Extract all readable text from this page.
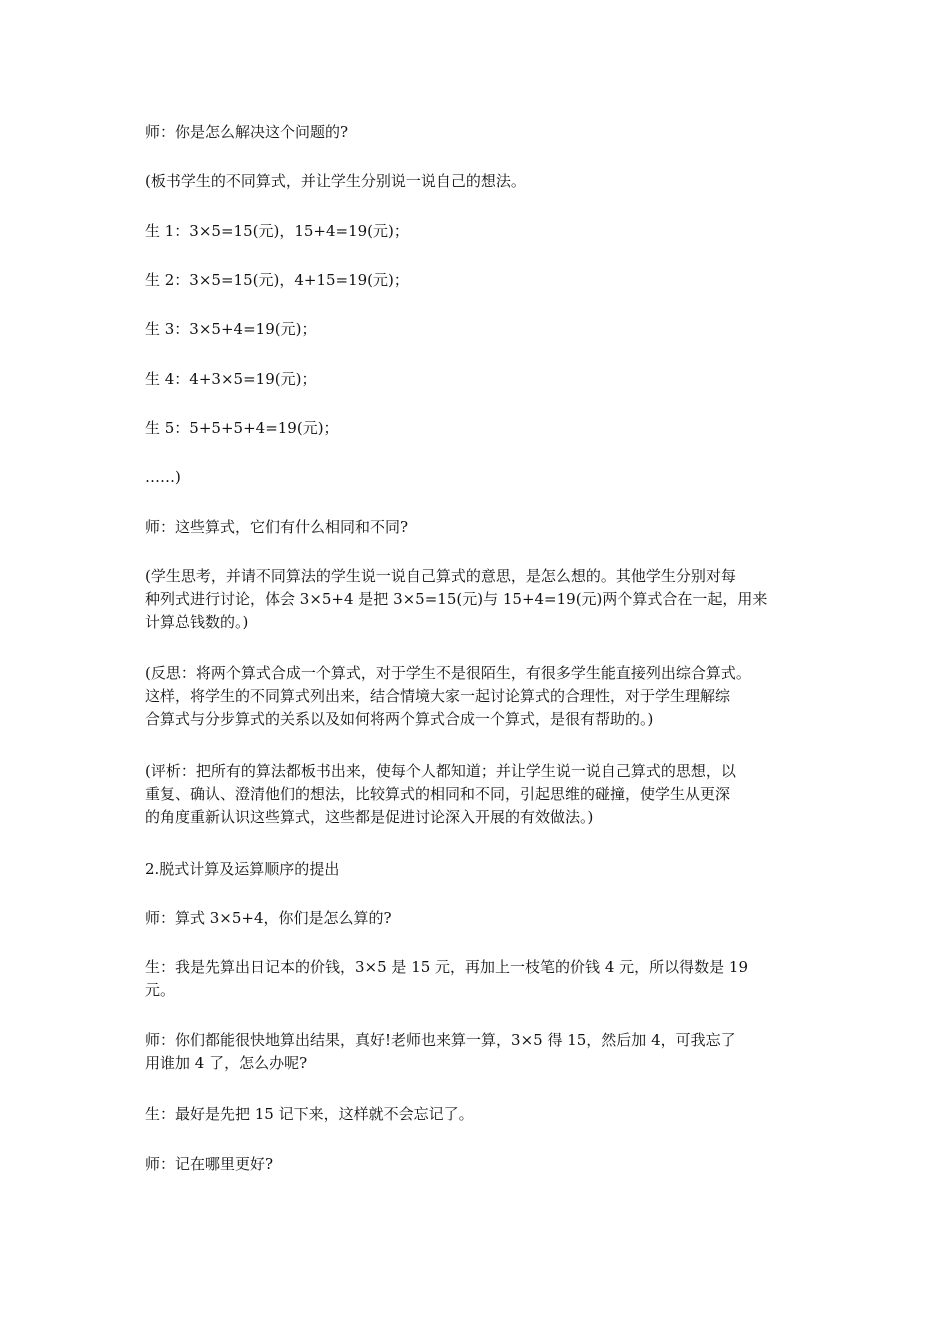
师：你是怎么解决这个问题的?

(板书学生的不同算式，并让学生分别说一说自己的想法。

生 1：3×5=15(元)，15+4=19(元)；

生 2：3×5=15(元)，4+15=19(元)；

生 3：3×5+4=19(元)；

生 4：4+3×5=19(元)；

生 5：5+5+5+4=19(元)；

……)

师：这些算式，它们有什么相同和不同?

(学生思考，并请不同算法的学生说一说自己算式的意思，是怎么想的。其他学生分别对每
种列式进行讨论，体会 3×5+4 是把 3×5=15(元)与 15+4=19(元)两个算式合在一起，用来
计算总钱数的。)

(反思：将两个算式合成一个算式，对于学生不是很陌生，有很多学生能直接列出综合算式。
这样，将学生的不同算式列出来，结合情境大家一起讨论算式的合理性，对于学生理解综
合算式与分步算式的关系以及如何将两个算式合成一个算式，是很有帮助的。)

(评析：把所有的算法都板书出来，使每个人都知道；并让学生说一说自己算式的思想，以
重复、确认、澄清他们的想法，比较算式的相同和不同，引起思维的碰撞，使学生从更深
的角度重新认识这些算式，这些都是促进讨论深入开展的有效做法。)

2.脱式计算及运算顺序的提出

师：算式 3×5+4，你们是怎么算的?

生：我是先算出日记本的价钱，3×5 是 15 元，再加上一枝笔的价钱 4 元，所以得数是 19
元。

师：你们都能很快地算出结果，真好!老师也来算一算，3×5 得 15，然后加 4，可我忘了
用谁加 4 了，怎么办呢?

生：最好是先把 15 记下来，这样就不会忘记了。

师：记在哪里更好?
